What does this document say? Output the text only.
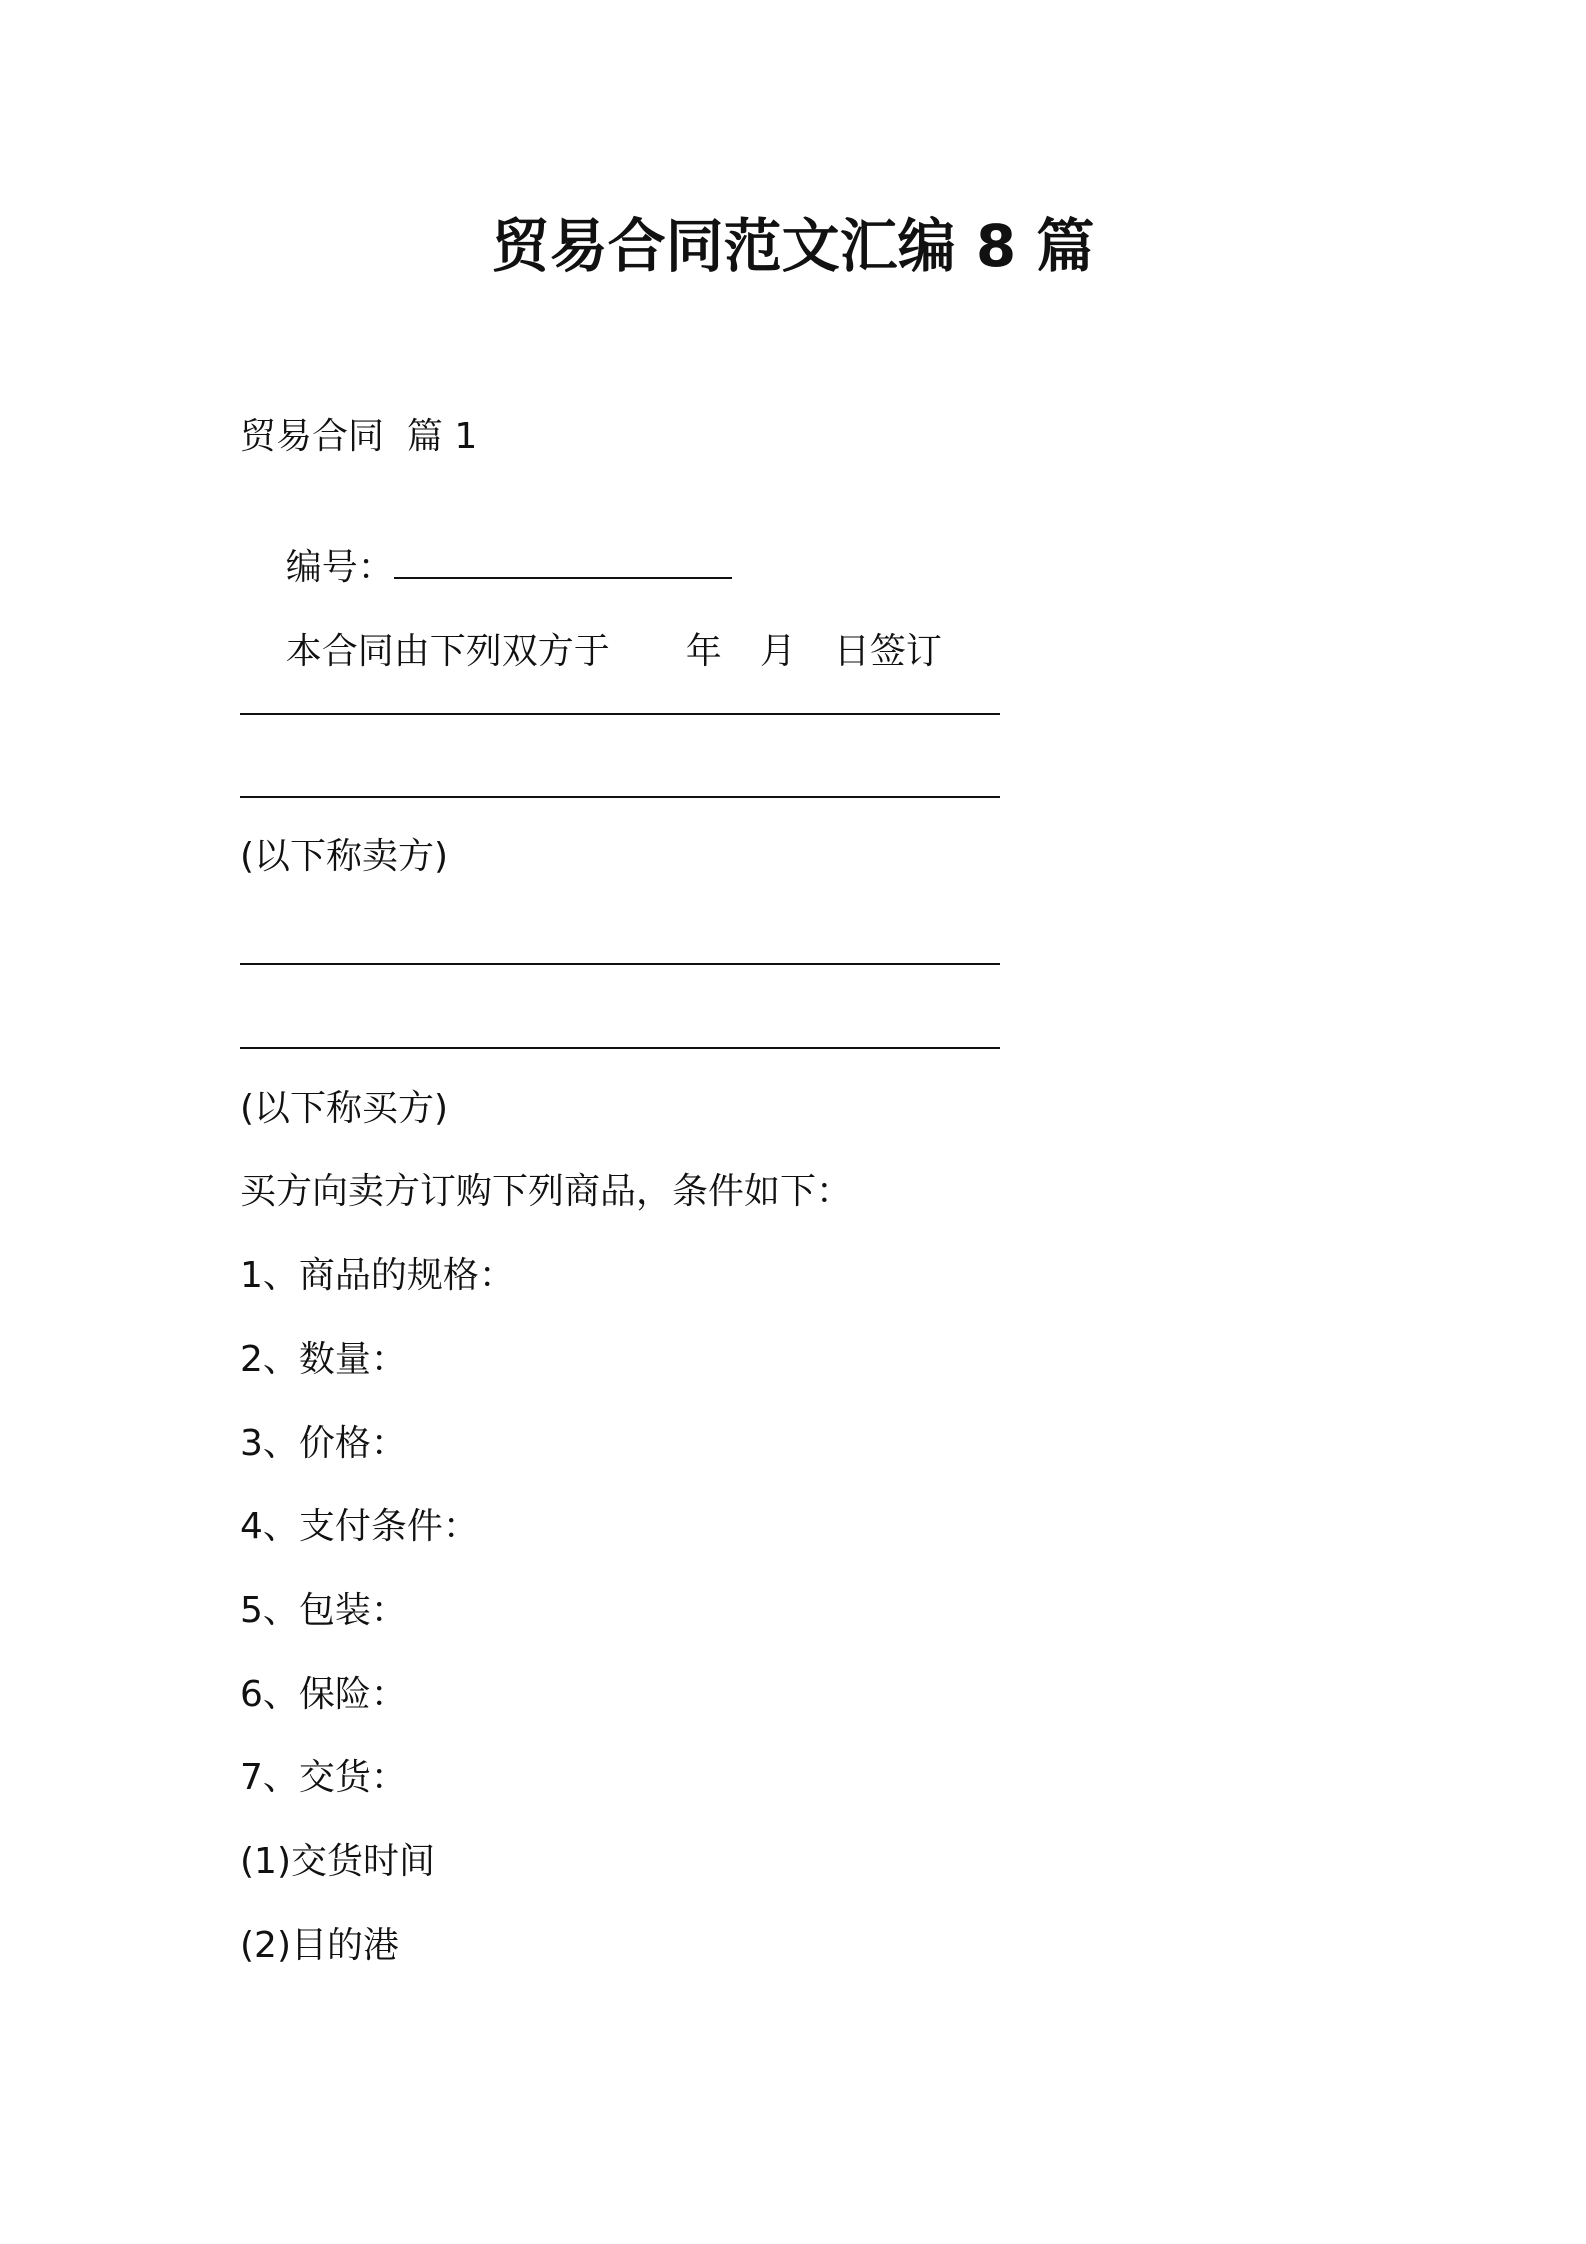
贸易合同范文汇编 8 篇
贸易合同  篇 1

编号：

本合同由下列双方于 年 月 日签订

(以下称卖方)
(以下称买方)
买方向卖方订购下列商品，条件如下：
1、商品的规格：
2、数量：
3、价格：
4、支付条件：
5、包装：
6、保险：
7、交货：
(1)交货时间
(2)目的港
